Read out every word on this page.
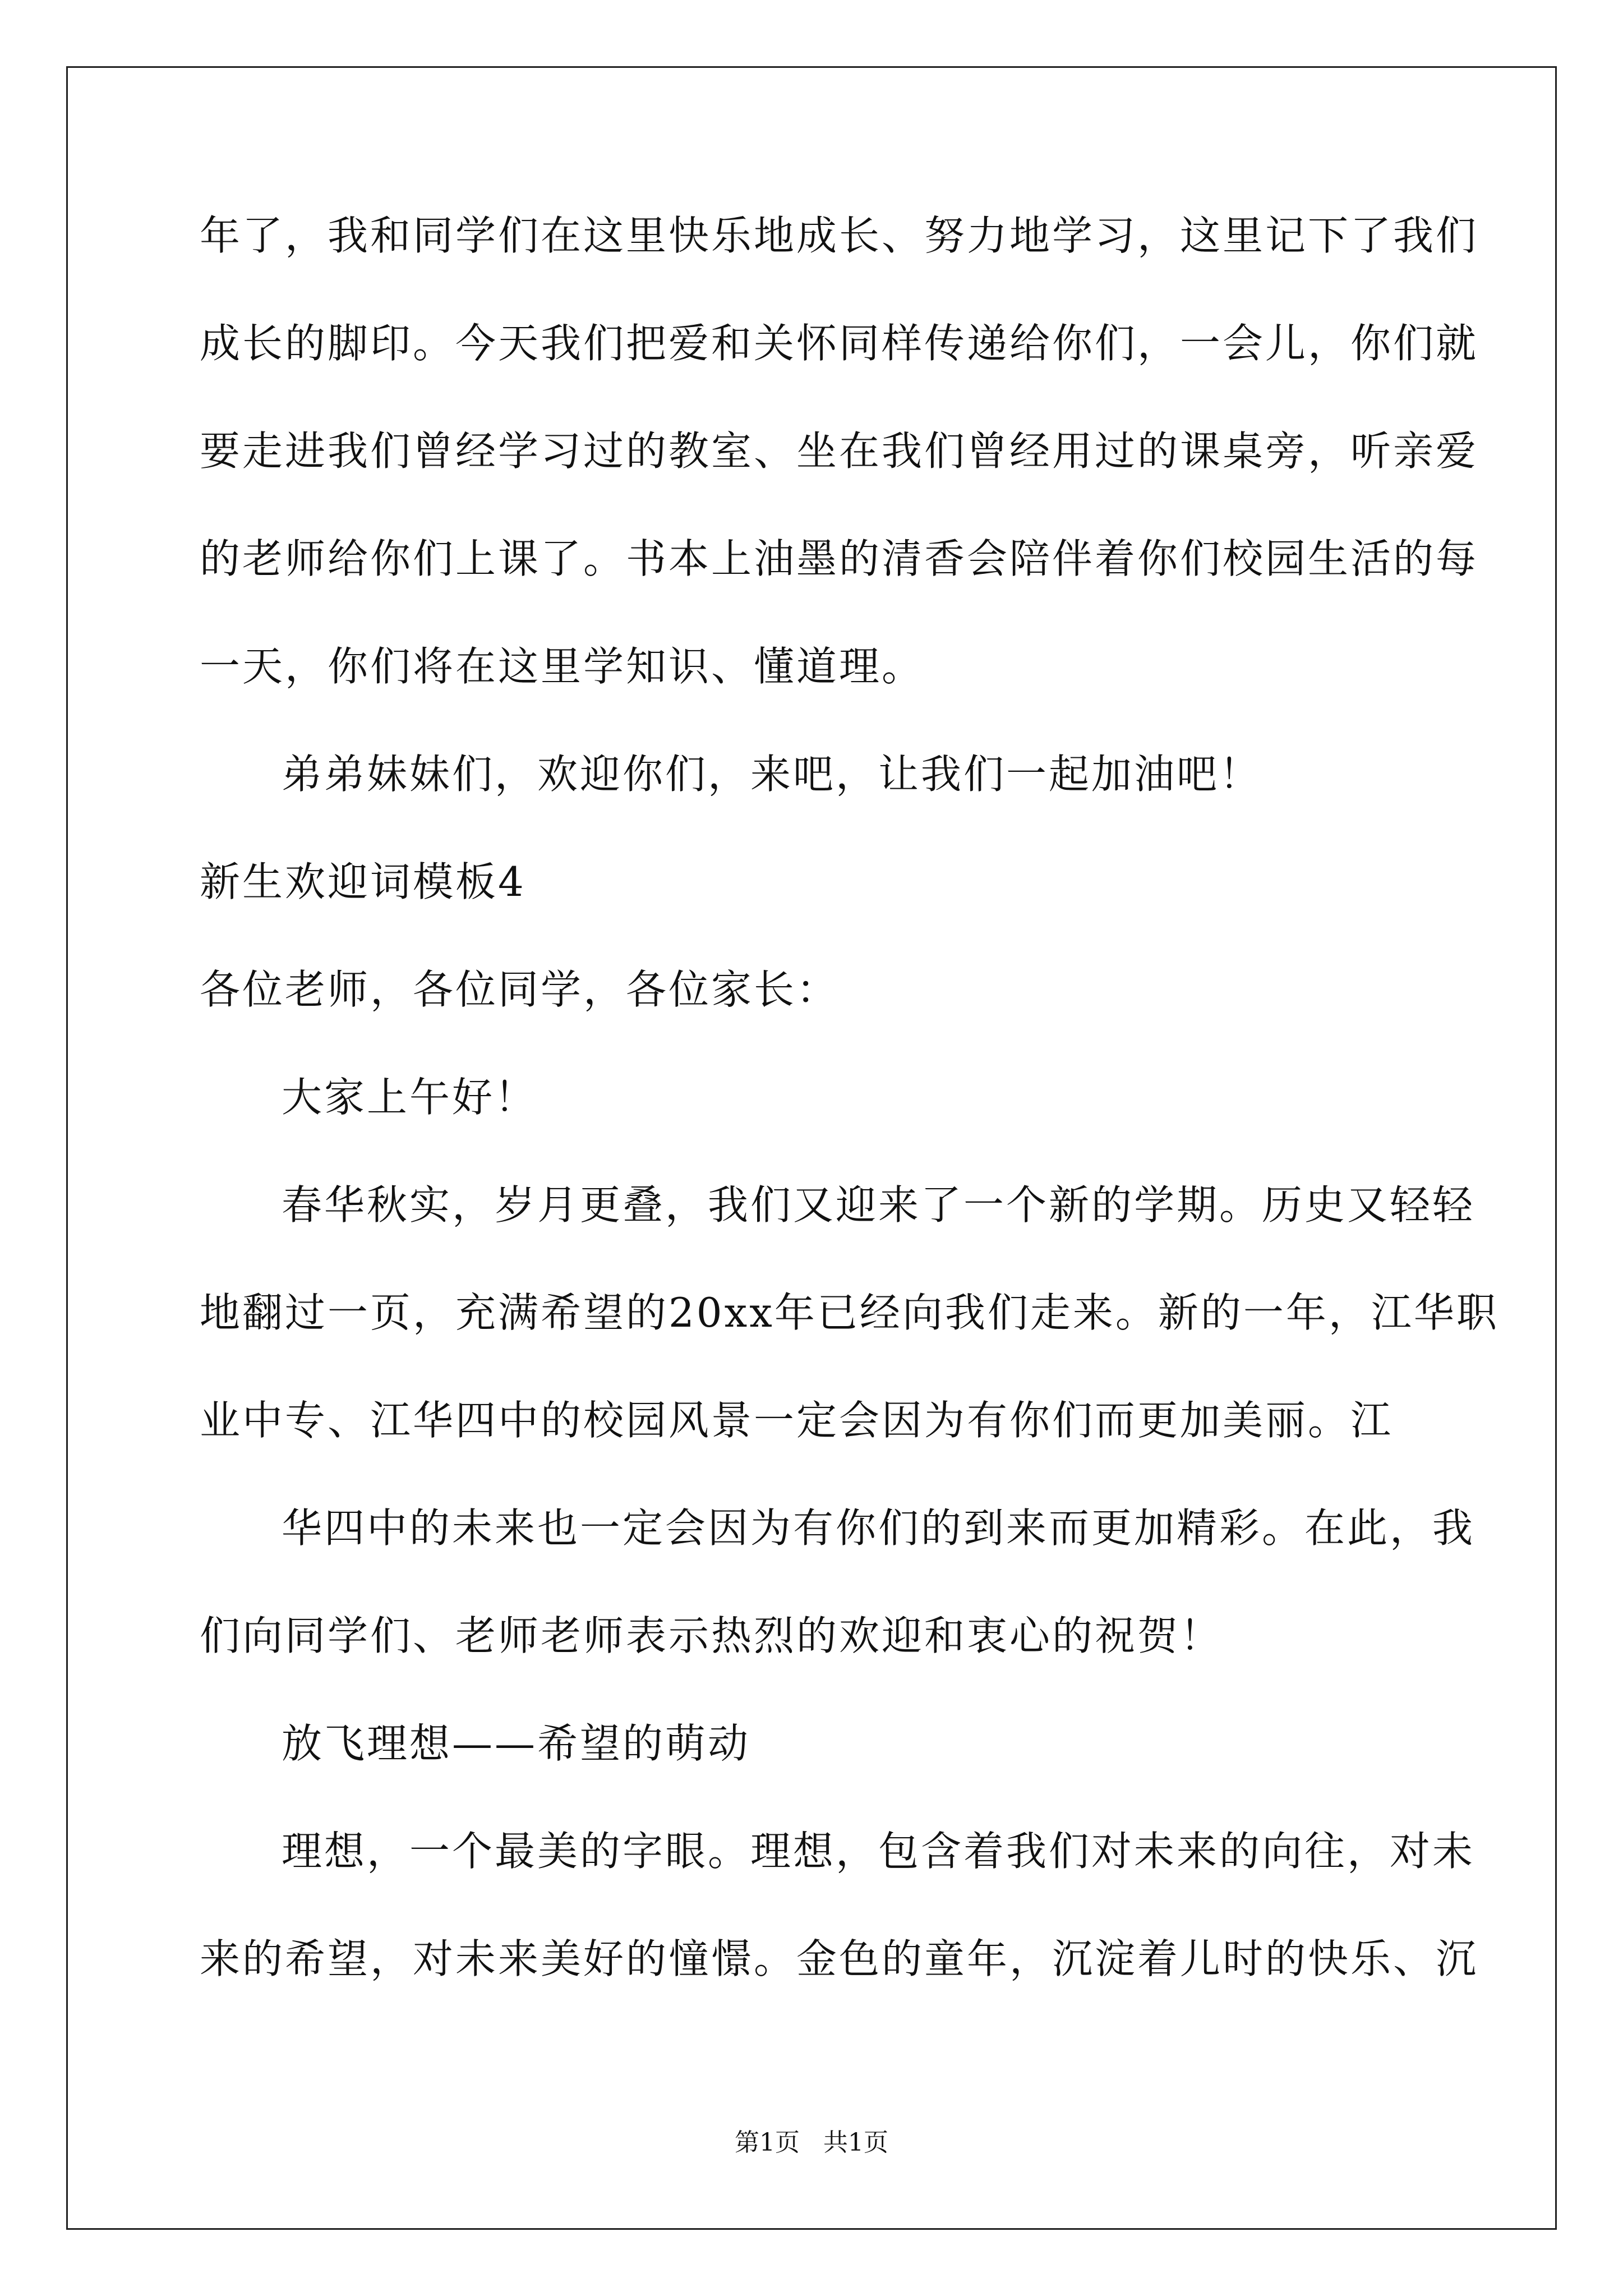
年了，我和同学们在这里快乐地成长、努力地学习，这里记下了我们

成长的脚印。今天我们把爱和关怀同样传递给你们，一会儿，你们就

要走进我们曾经学习过的教室、坐在我们曾经用过的课桌旁，听亲爱

的老师给你们上课了。书本上油墨的清香会陪伴着你们校园生活的每

一天，你们将在这里学知识、懂道理。

弟弟妹妹们，欢迎你们，来吧，让我们一起加油吧！

新生欢迎词模板4

各位老师，各位同学，各位家长：

大家上午好！

春华秋实，岁月更叠，我们又迎来了一个新的学期。历史又轻轻

地翻过一页，充满希望的20xx年已经向我们走来。新的一年，江华职

业中专、江华四中的校园风景一定会因为有你们而更加美丽。江

华四中的未来也一定会因为有你们的到来而更加精彩。在此，我

们向同学们、老师老师表示热烈的欢迎和衷心的祝贺！

放飞理想——希望的萌动

理想，一个最美的字眼。理想，包含着我们对未来的向往，对未

来的希望，对未来美好的憧憬。金色的童年，沉淀着儿时的快乐、沉

第1页   共1页
